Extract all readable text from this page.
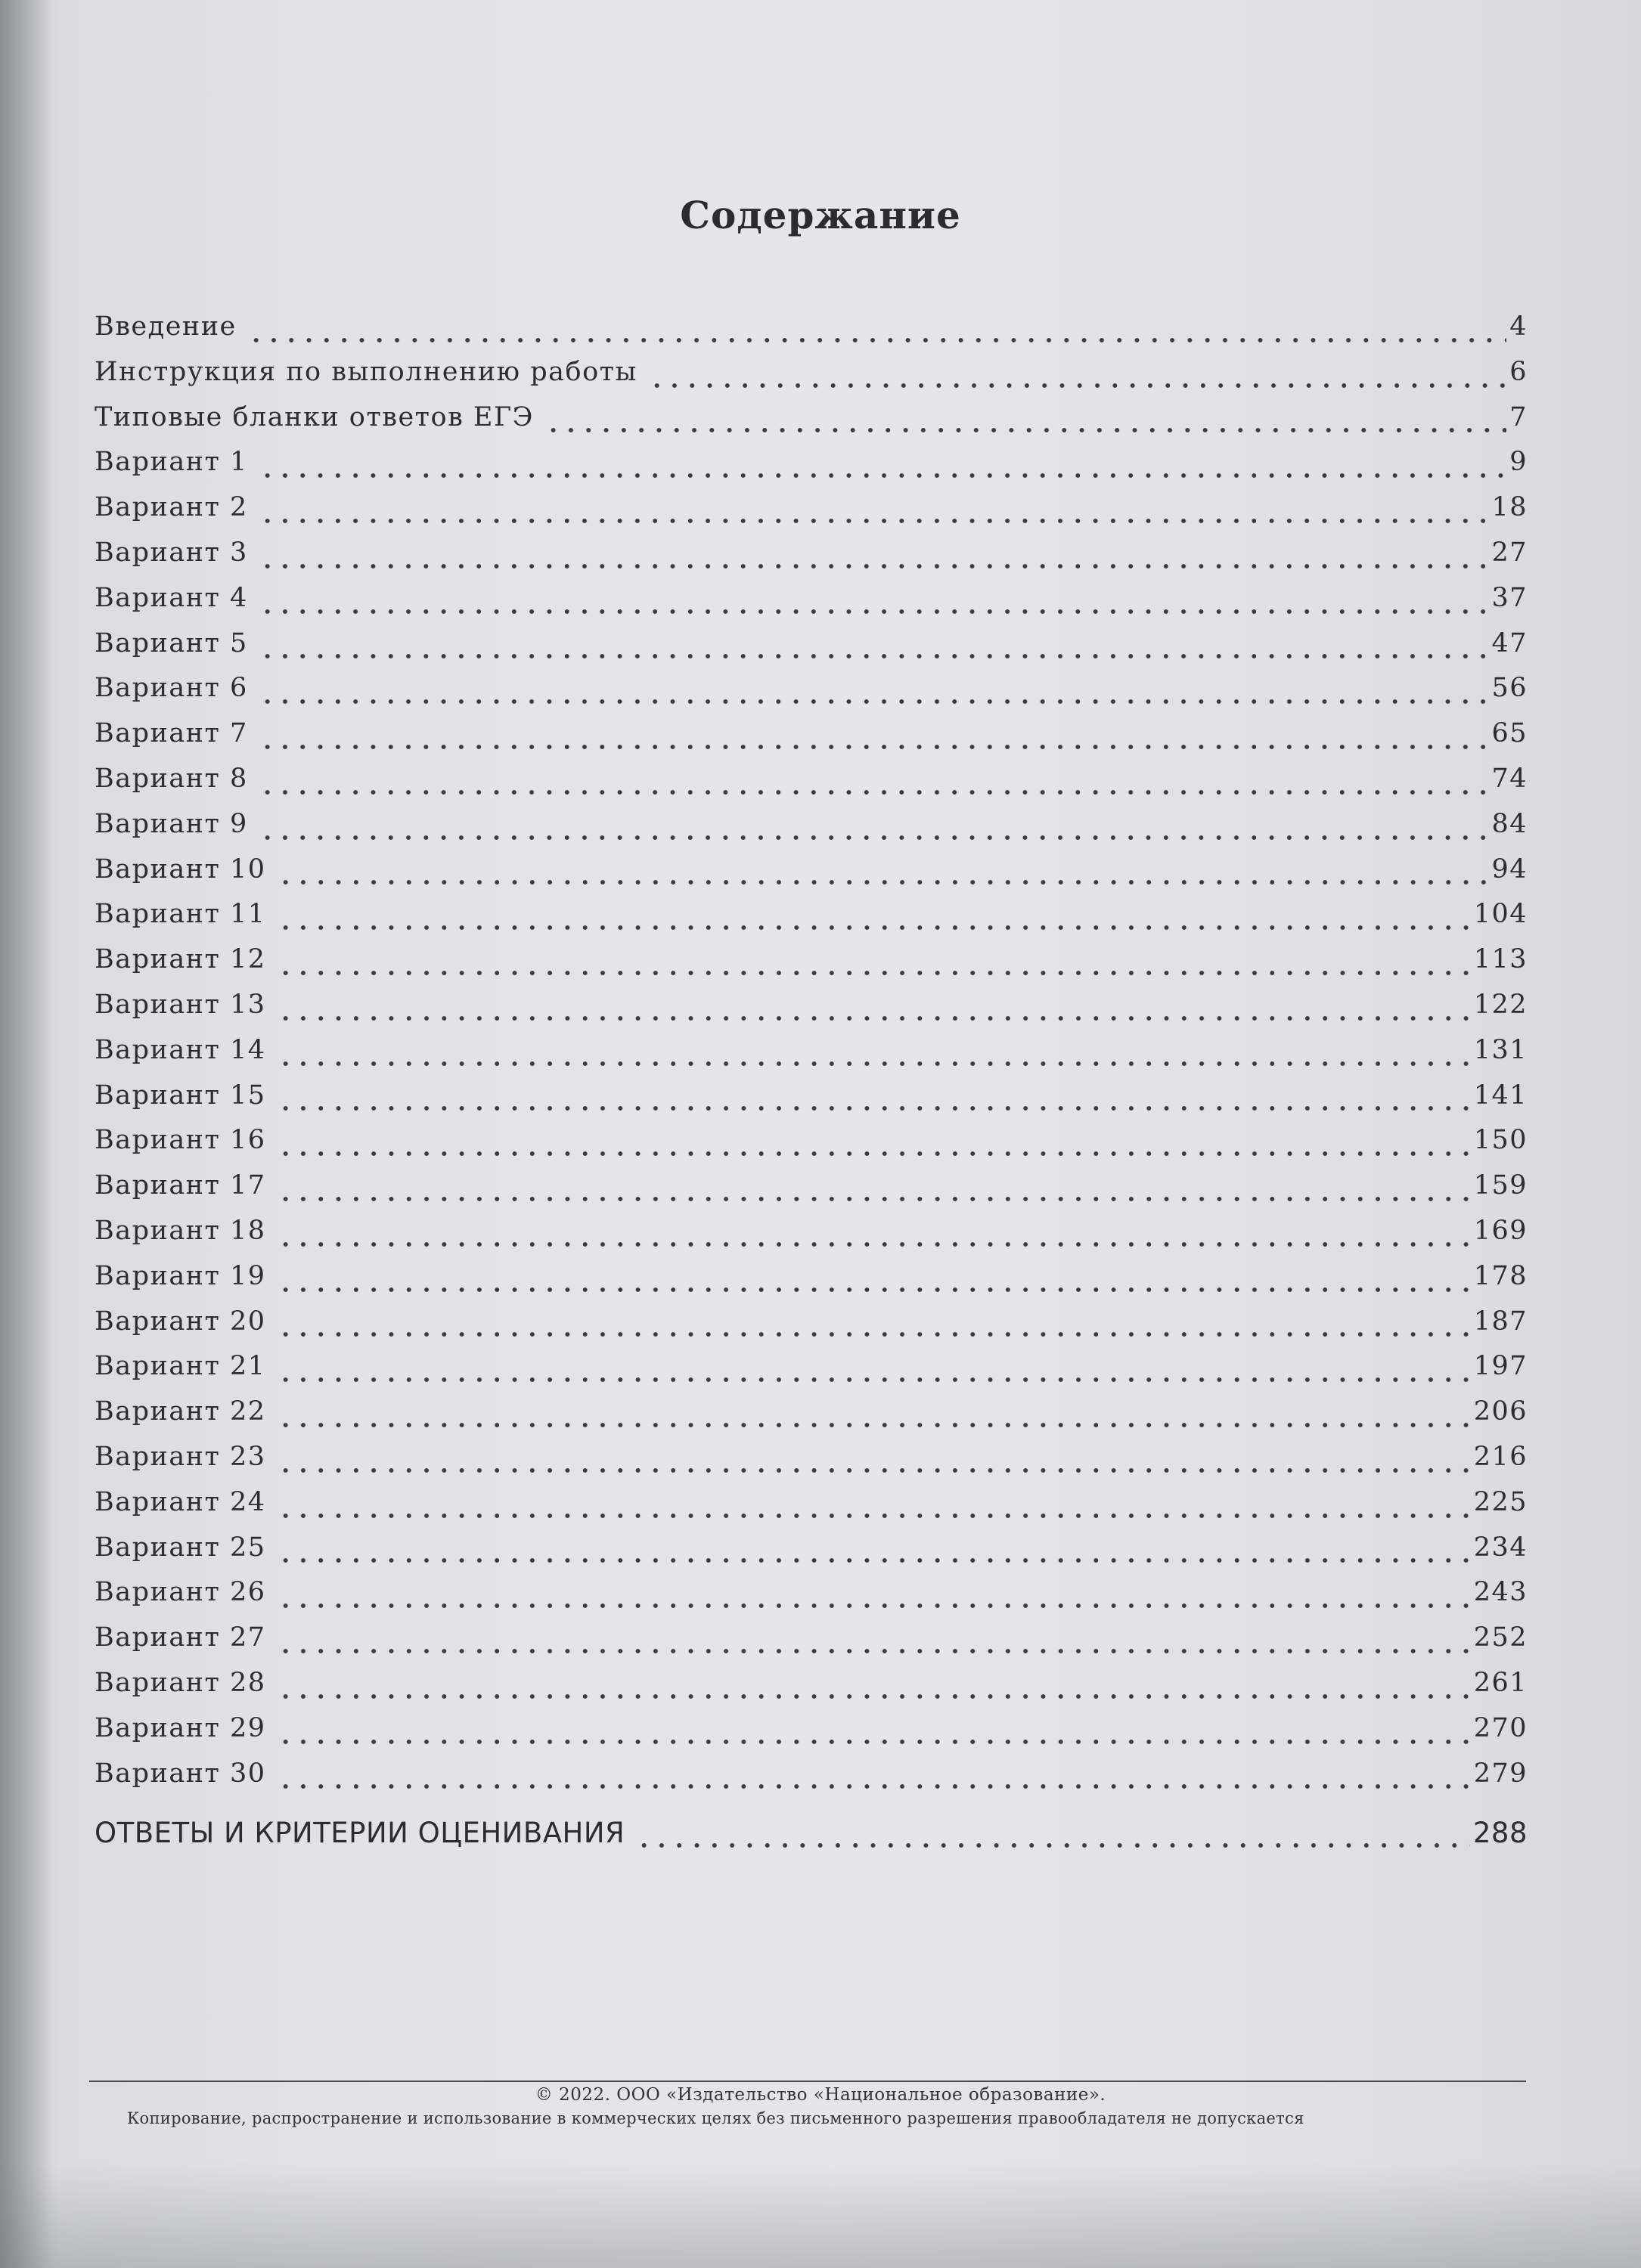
Содержание
Введение	4
Инструкция по выполнению работы	6
Типовые бланки ответов ЕГЭ	7
Вариант 1	9
Вариант 2	18
Вариант 3	27
Вариант 4	37
Вариант 5	47
Вариант 6	56
Вариант 7	65
Вариант 8	74
Вариант 9	84
Вариант 10	94
Вариант 11	104
Вариант 12	113
Вариант 13	122
Вариант 14	131
Вариант 15	141
Вариант 16	150
Вариант 17	159
Вариант 18	169
Вариант 19	178
Вариант 20	187
Вариант 21	197
Вариант 22	206
Вариант 23	216
Вариант 24	225
Вариант 25	234
Вариант 26	243
Вариант 27	252
Вариант 28	261
Вариант 29	270
Вариант 30	279
ОТВЕТЫ И КРИТЕРИИ ОЦЕНИВАНИЯ	288
© 2022. ООО «Издательство «Национальное образование».
Копирование, распространение и использование в коммерческих целях без письменного разрешения правообладателя не допускается
